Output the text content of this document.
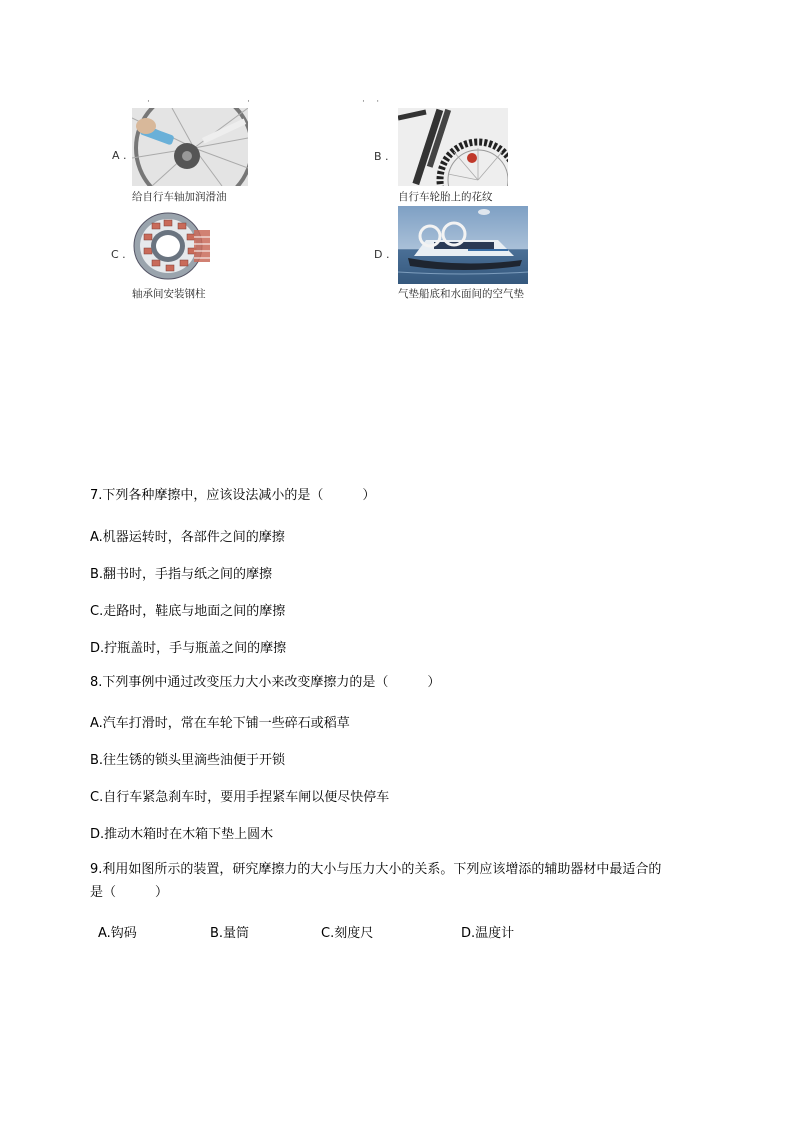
·                                  ·	·    ·
A .
给自行车轴加润滑油
B .
自行车轮胎上的花纹
C .
轴承间安装钢柱
D .
气垫船底和水面间的空气垫
7.下列各种摩擦中，应该设法减小的是（　　　）
A.机器运转时，各部件之间的摩擦
B.翻书时，手指与纸之间的摩擦
C.走路时，鞋底与地面之间的摩擦
D.拧瓶盖时，手与瓶盖之间的摩擦
8.下列事例中通过改变压力大小来改变摩擦力的是（　　　）
A.汽车打滑时，常在车轮下铺一些碎石或稻草
B.往生锈的锁头里滴些油便于开锁
C.自行车紧急刹车时，要用手捏紧车闸以便尽快停车
D.推动木箱时在木箱下垫上圆木
9.利用如图所示的装置，研究摩擦力的大小与压力大小的关系。下列应该增添的辅助器材中最适合的
是（　　　）
A.钩码	B.量筒	C.刻度尺	D.温度计
